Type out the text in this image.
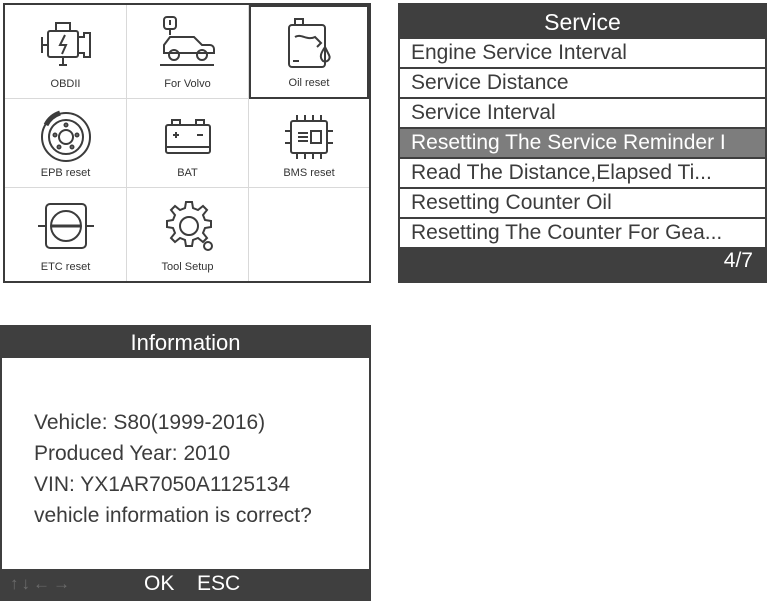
OBDII	For Volvo	Oil reset
EPB reset	BAT	BMS reset
ETC reset	Tool Setup
Service
Engine Service Interval
Service Distance
Service Interval
Resetting The Service Reminder I
Read The Distance,Elapsed Ti...
Resetting Counter Oil
Resetting The Counter For Gea...
4/7
Information
Vehicle: S80(1999-2016)
Produced Year: 2010
VIN: YX1AR7050A1125134
vehicle information is correct?
↑↓←→	OK ESC
